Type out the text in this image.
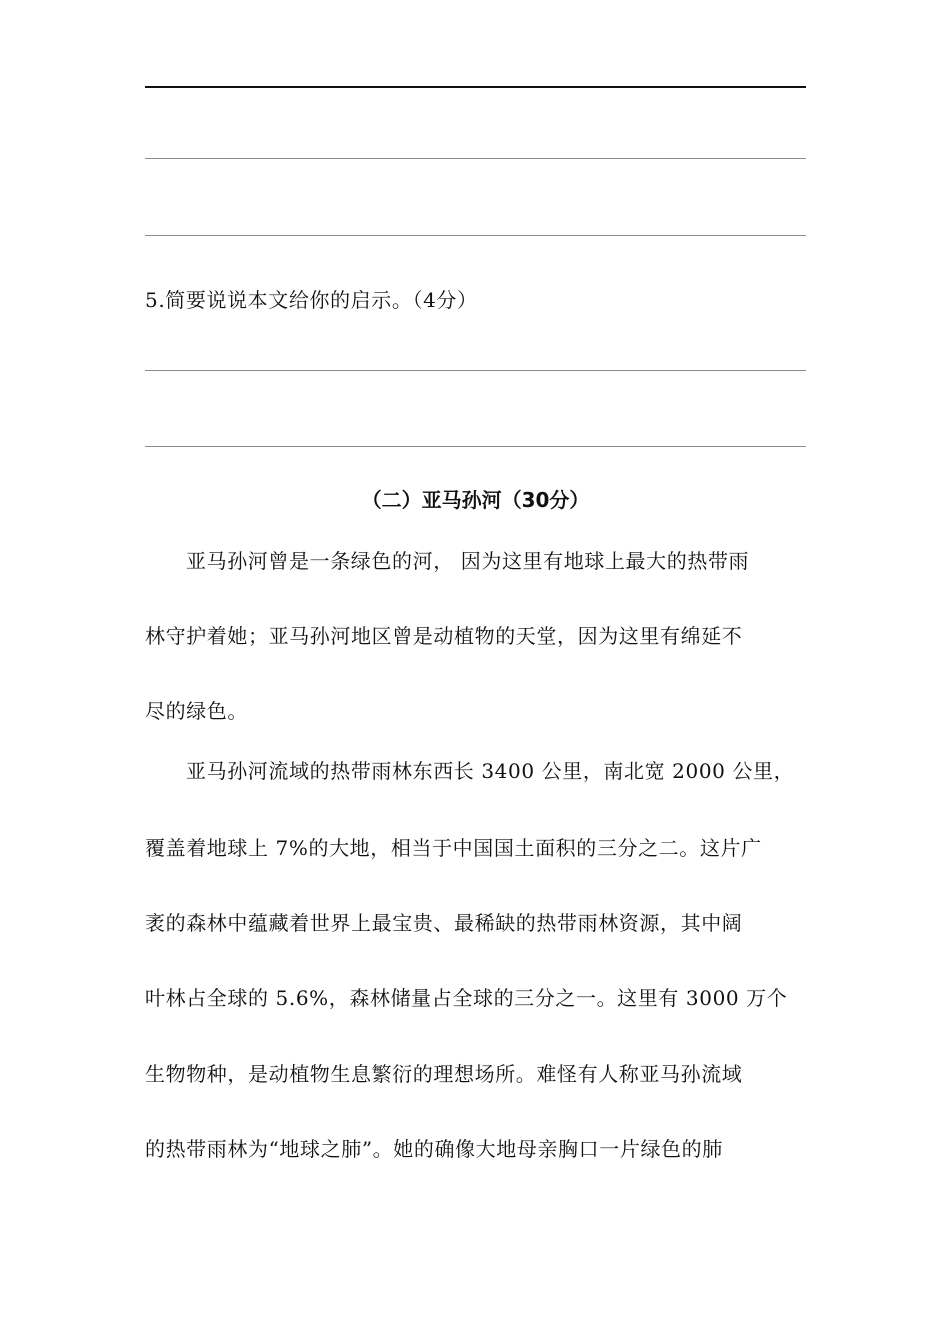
5.简要说说本文给你的启示。（4分）
（二）亚马孙河（30分）
亚马孙河曾是一条绿色的河， 因为这里有地球上最大的热带雨
林守护着她；亚马孙河地区曾是动植物的天堂，因为这里有绵延不
尽的绿色。
亚马孙河流域的热带雨林东西长 3400 公里，南北宽 2000 公里，
覆盖着地球上 7%的大地，相当于中国国土面积的三分之二。这片广
袤的森林中蕴藏着世界上最宝贵、最稀缺的热带雨林资源，其中阔
叶林占全球的 5.6%，森林储量占全球的三分之一。这里有 3000 万个
生物物种，是动植物生息繁衍的理想场所。难怪有人称亚马孙流域
的热带雨林为“地球之肺”。她的确像大地母亲胸口一片绿色的肺
